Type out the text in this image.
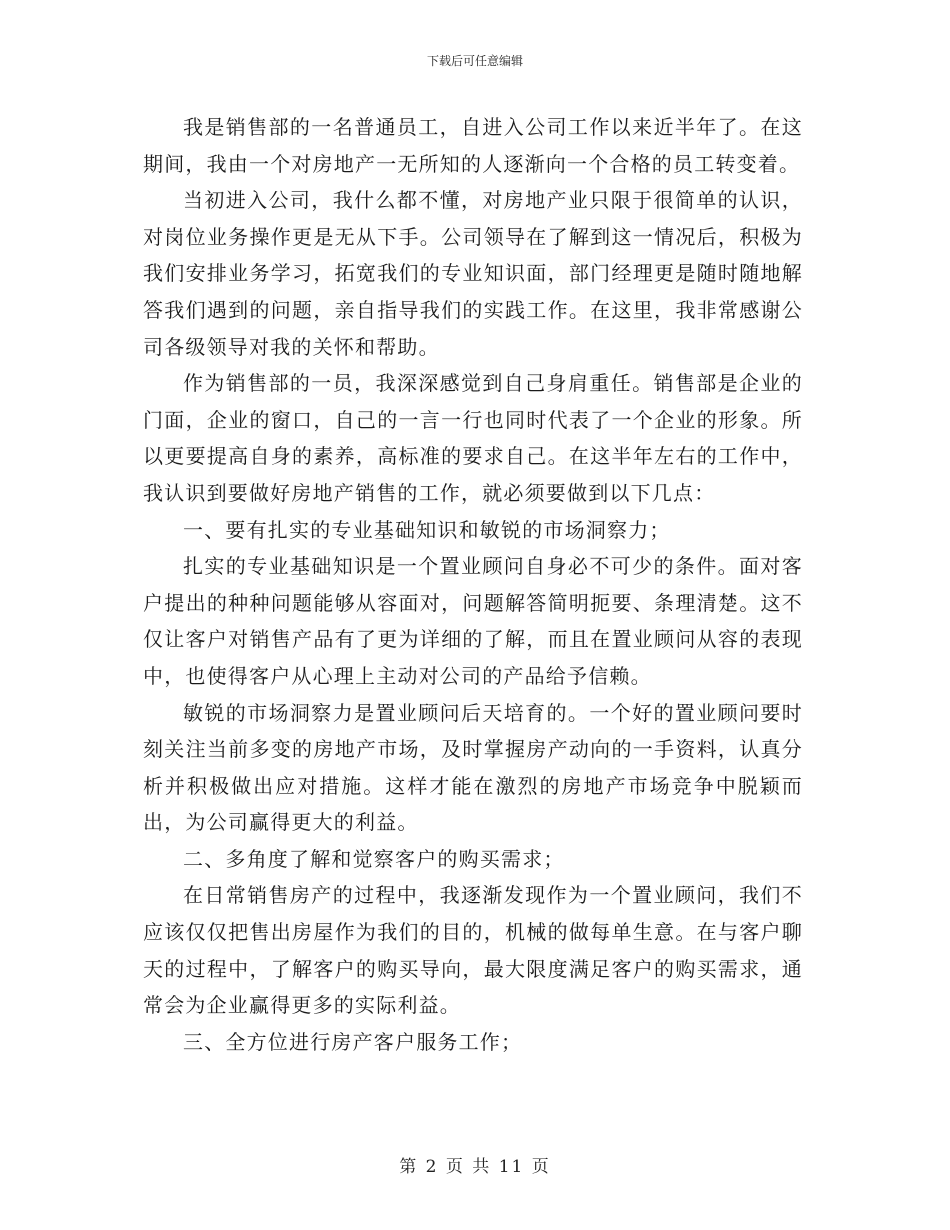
下载后可任意编辑

我是销售部的一名普通员工，自进入公司工作以来近半年了。在这期间，我由一个对房地产一无所知的人逐渐向一个合格的员工转变着。

当初进入公司，我什么都不懂，对房地产业只限于很简单的认识，对岗位业务操作更是无从下手。公司领导在了解到这一情况后，积极为我们安排业务学习，拓宽我们的专业知识面，部门经理更是随时随地解答我们遇到的问题，亲自指导我们的实践工作。在这里，我非常感谢公司各级领导对我的关怀和帮助。

作为销售部的一员，我深深感觉到自己身肩重任。销售部是企业的门面，企业的窗口，自己的一言一行也同时代表了一个企业的形象。所以更要提高自身的素养，高标准的要求自己。在这半年左右的工作中，我认识到要做好房地产销售的工作，就必须要做到以下几点：

一、要有扎实的专业基础知识和敏锐的市场洞察力；

扎实的专业基础知识是一个置业顾问自身必不可少的条件。面对客户提出的种种问题能够从容面对，问题解答简明扼要、条理清楚。这不仅让客户对销售产品有了更为详细的了解，而且在置业顾问从容的表现中，也使得客户从心理上主动对公司的产品给予信赖。

敏锐的市场洞察力是置业顾问后天培育的。一个好的置业顾问要时刻关注当前多变的房地产市场，及时掌握房产动向的一手资料，认真分析并积极做出应对措施。这样才能在激烈的房地产市场竞争中脱颖而出，为公司赢得更大的利益。

二、多角度了解和觉察客户的购买需求；

在日常销售房产的过程中，我逐渐发现作为一个置业顾问，我们不应该仅仅把售出房屋作为我们的目的，机械的做每单生意。在与客户聊天的过程中，了解客户的购买导向，最大限度满足客户的购买需求，通常会为企业赢得更多的实际利益。

三、全方位进行房产客户服务工作；

第 2 页 共 11 页
